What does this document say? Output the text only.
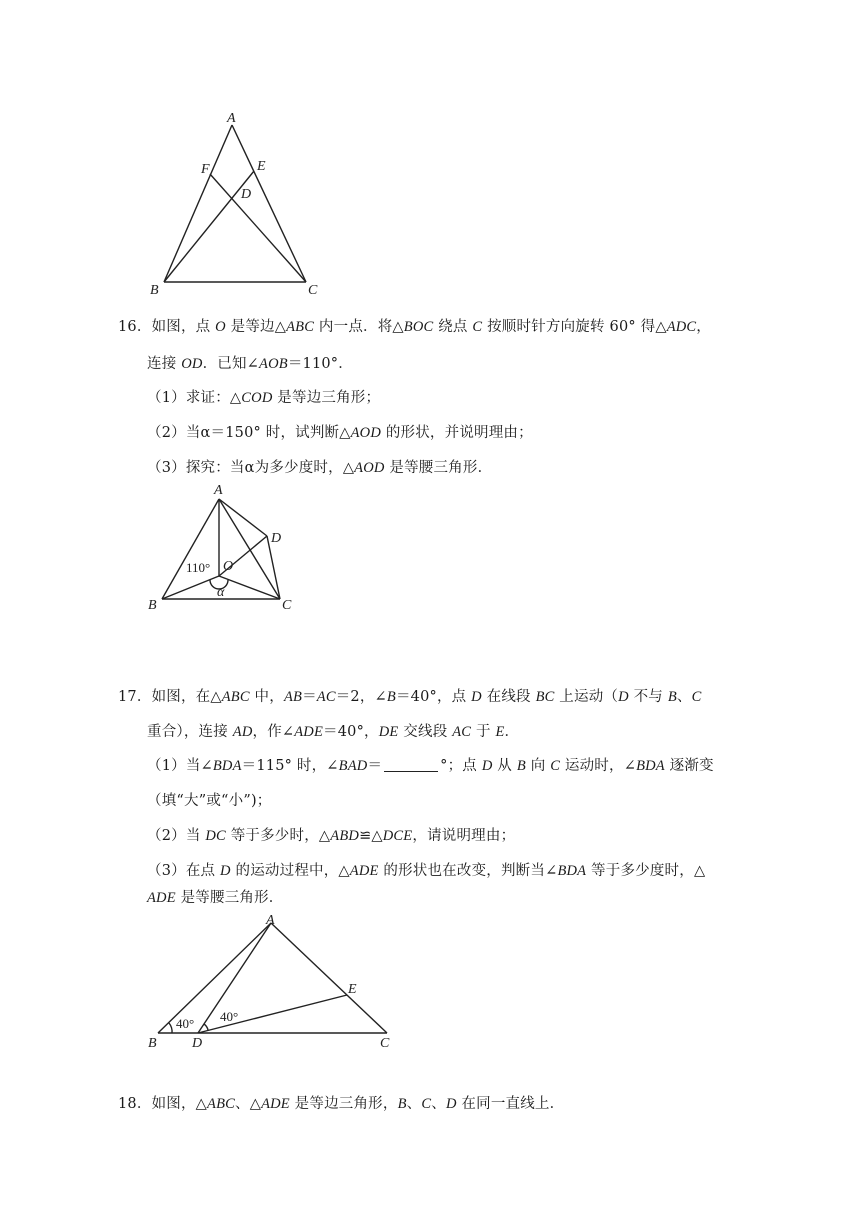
A
B	C
D
E
F
16．如图，点 O 是等边△ABC 内一点．将△BOC 绕点 C 按顺时针方向旋转 60° 得△ADC，
连接 OD．已知∠AOB＝110°．
（1）求证：△COD 是等边三角形；
（2）当α＝150° 时，试判断△AOD 的形状，并说明理由；
（3）探究：当α为多少度时，△AOD 是等腰三角形．
A
B	C
D
O
110°
α
17．如图，在△ABC 中，AB＝AC＝2，∠B＝40°，点 D 在线段 BC 上运动（D 不与 B、C
重合），连接 AD，作∠ADE＝40°，DE 交线段 AC 于 E．
（1）当∠BDA＝115° 时，∠BAD＝	°；点 D 从 B 向 C 运动时，∠BDA 逐渐变
（填“大”或“小”)；
（2）当 DC 等于多少时，△ABD≌△DCE，请说明理由；
（3）在点 D 的运动过程中，△ADE 的形状也在改变，判断当∠BDA 等于多少度时，△
ADE 是等腰三角形．
A
B	C
D
E
40° 40°
18．如图，△ABC、△ADE 是等边三角形，B、C、D 在同一直线上．
